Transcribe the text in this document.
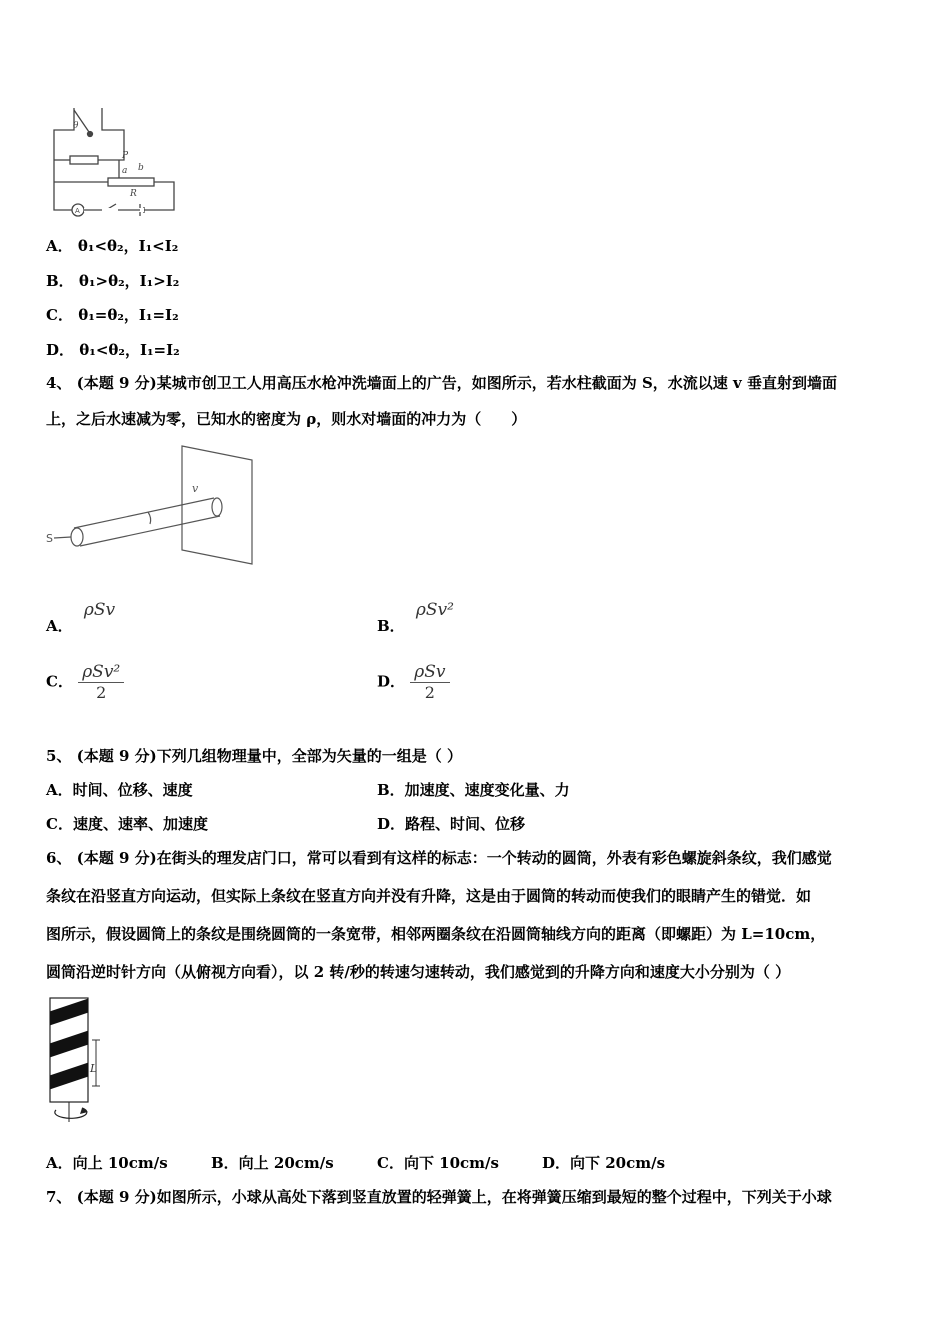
θ
P
a b
R
A
A． θ₁<θ₂，I₁<I₂
B． θ₁>θ₂，I₁>I₂
C． θ₁=θ₂，I₁=I₂
D． θ₁<θ₂，I₁=I₂
4、 (本题 9 分)某城市创卫工人用高压水枪冲洗墙面上的广告，如图所示，若水柱截面为 S，水流以速 v 垂直射到墙面
上，之后水速减为零，已知水的密度为 ρ，则水对墙面的冲力为（　　）
S
v
A． ρSv
B． ρSv²
C． $\frac{\text{ρSv²}}{2}$	D． $\frac{\text{ρSv}}{2}$
5、 (本题 9 分)下列几组物理量中，全部为矢量的一组是（ ）
A．时间、位移、速度	B．加速度、速度变化量、力
C．速度、速率、加速度	D．路程、时间、位移
6、 (本题 9 分)在街头的理发店门口，常可以看到有这样的标志：一个转动的圆筒，外表有彩色螺旋斜条纹，我们感觉
条纹在沿竖直方向运动，但实际上条纹在竖直方向并没有升降，这是由于圆筒的转动而使我们的眼睛产生的错觉．如
图所示，假设圆筒上的条纹是围绕圆筒的一条宽带，相邻两圈条纹在沿圆筒轴线方向的距离（即螺距）为 L=10cm，
圆筒沿逆时针方向（从俯视方向看），以 2 转/秒的转速匀速转动，我们感觉到的升降方向和速度大小分别为（ ）
L
A．向上 10cm/s	B．向上 20cm/s	C．向下 10cm/s	D．向下 20cm/s
7、 (本题 9 分)如图所示，小球从高处下落到竖直放置的轻弹簧上，在将弹簧压缩到最短的整个过程中，下列关于小球
